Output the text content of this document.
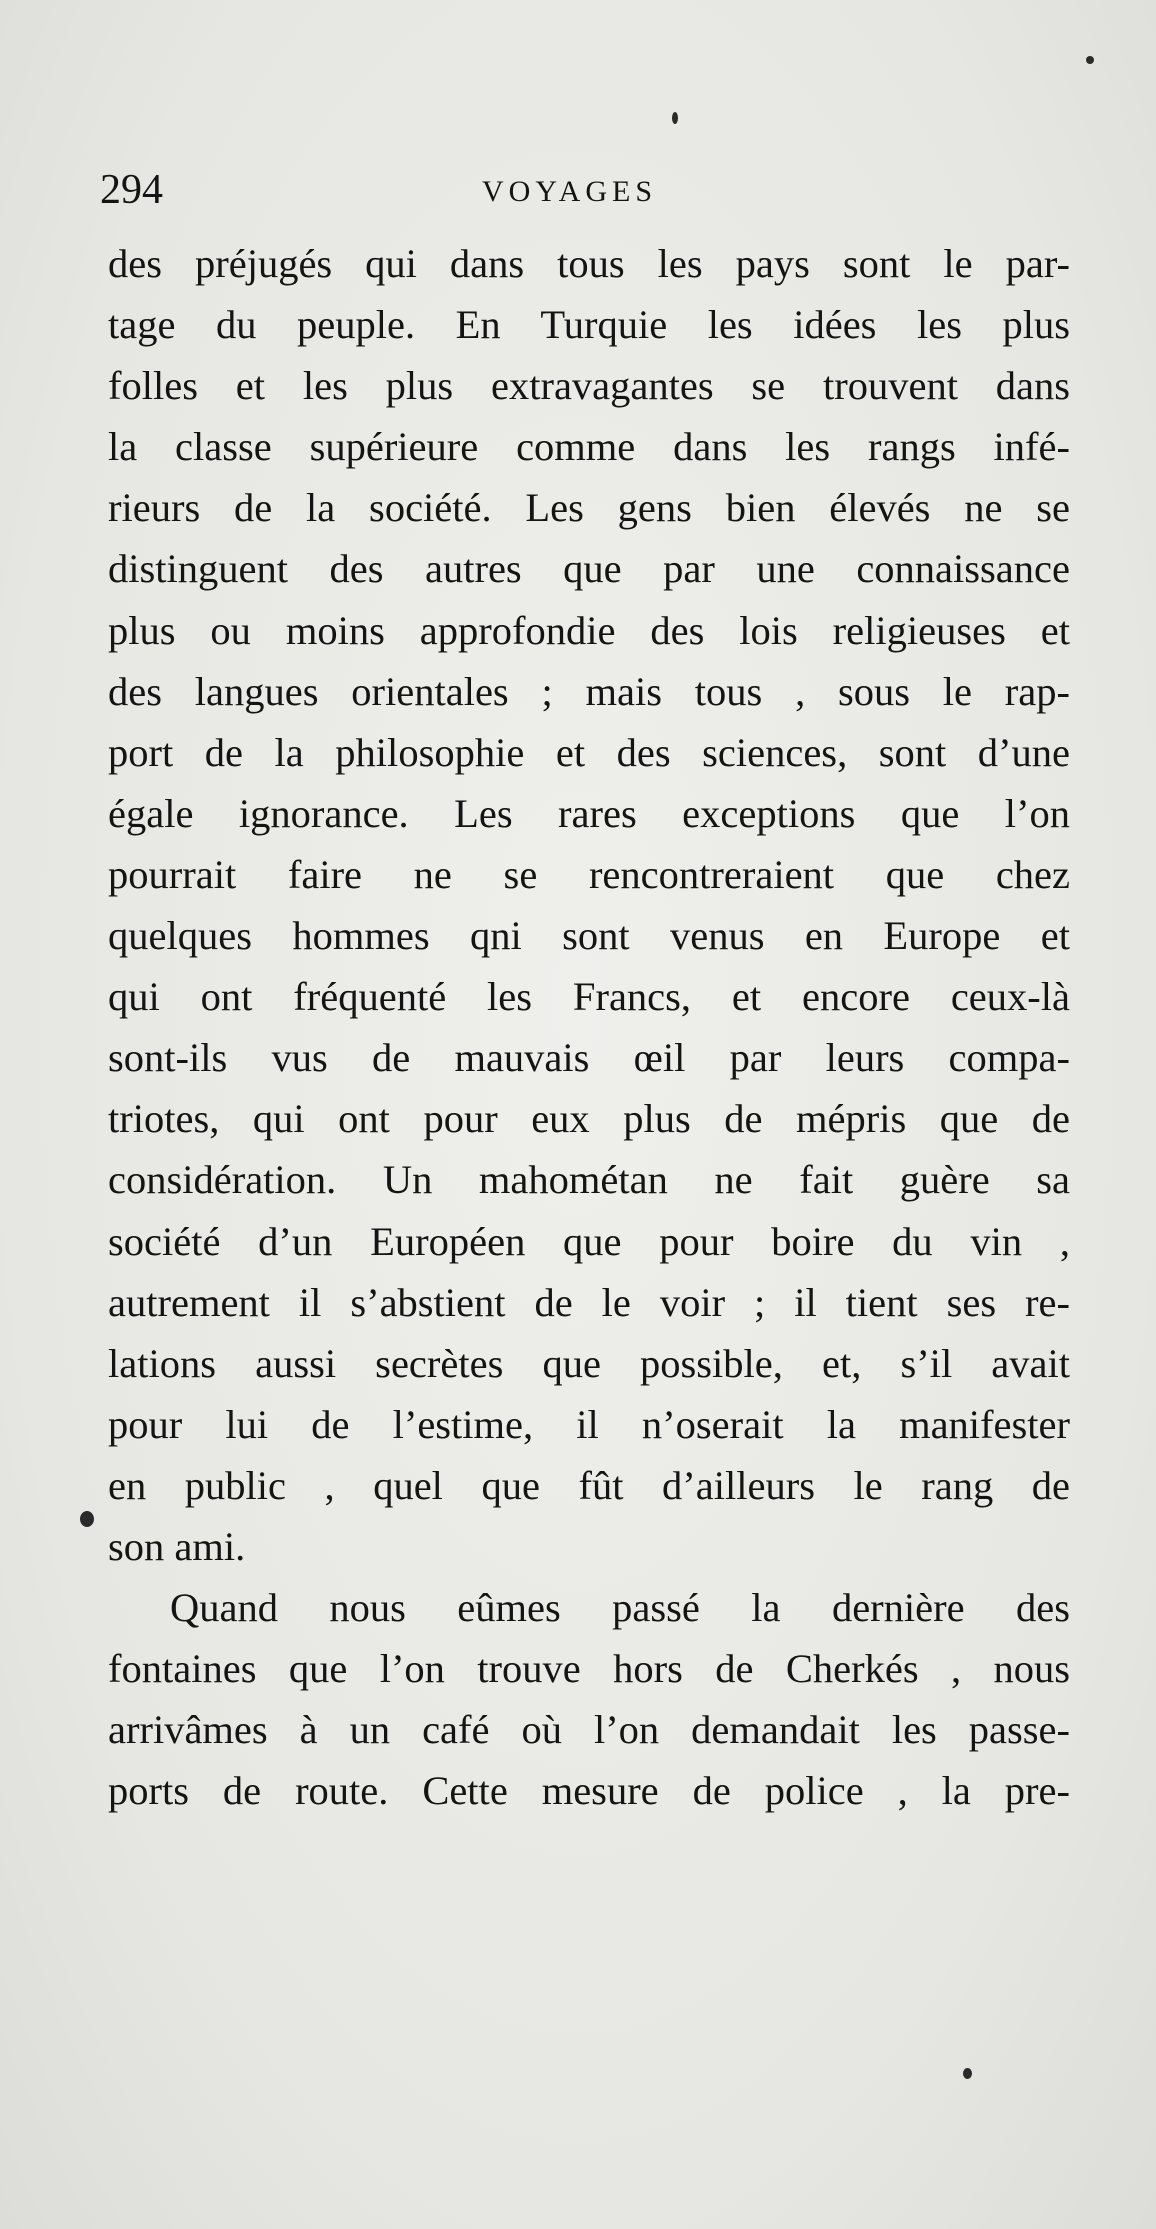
294	VOYAGES
des préjugés qui dans tous les pays sont le par-
tage du peuple. En Turquie les idées les plus
folles et les plus extravagantes se trouvent dans
la classe supérieure comme dans les rangs infé-
rieurs de la société. Les gens bien élevés ne se
distinguent des autres que par une connaissance
plus ou moins approfondie des lois religieuses et
des langues orientales ; mais tous , sous le rap-
port de la philosophie et des sciences, sont d’une
égale ignorance. Les rares exceptions que l’on
pourrait faire ne se rencontreraient que chez
quelques hommes qni sont venus en Europe et
qui ont fréquenté les Francs, et encore ceux-là
sont-ils vus de mauvais œil par leurs compa-
triotes, qui ont pour eux plus de mépris que de
considération. Un mahométan ne fait guère sa
société d’un Européen que pour boire du vin ,
autrement il s’abstient de le voir ; il tient ses re-
lations aussi secrètes que possible, et, s’il avait
pour lui de l’estime, il n’oserait la manifester
en public , quel que fût d’ailleurs le rang de
son ami.
Quand nous eûmes passé la dernière des
fontaines que l’on trouve hors de Cherkés , nous
arrivâmes à un café où l’on demandait les passe-
ports de route. Cette mesure de police , la pre-
